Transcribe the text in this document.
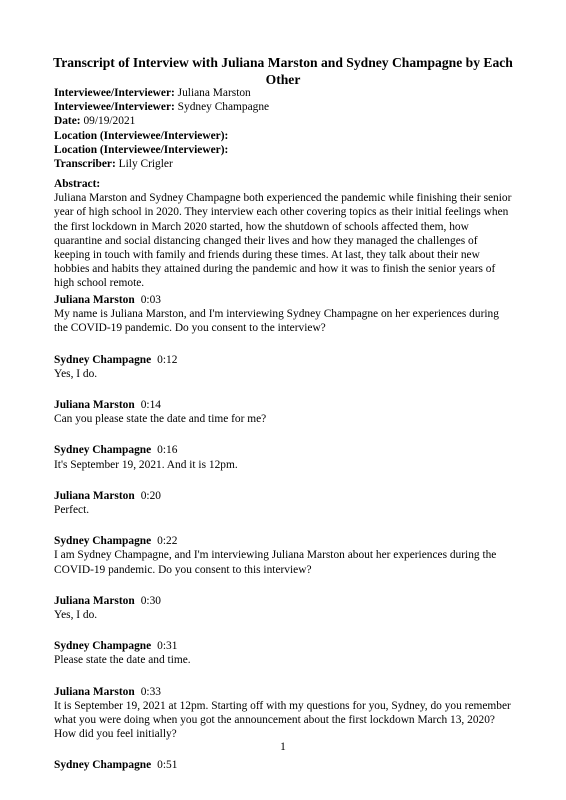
Transcript of Interview with Juliana Marston and Sydney Champagne by Each Other
Interviewee/Interviewer: Juliana Marston
Interviewee/Interviewer: Sydney Champagne
Date: 09/19/2021
Location (Interviewee/Interviewer):
Location (Interviewee/Interviewer):
Transcriber: Lily Crigler
Abstract:
Juliana Marston and Sydney Champagne both experienced the pandemic while finishing their senior year of high school in 2020. They interview each other covering topics as their initial feelings when the first lockdown in March 2020 started, how the shutdown of schools affected them, how quarantine and social distancing changed their lives and how they managed the challenges of keeping in touch with family and friends during these times. At last, they talk about their new hobbies and habits they attained during the pandemic and how it was to finish the senior years of high school remote.
Juliana Marston 0:03
My name is Juliana Marston, and I'm interviewing Sydney Champagne on her experiences during the COVID-19 pandemic. Do you consent to the interview?
Sydney Champagne 0:12
Yes, I do.
Juliana Marston 0:14
Can you please state the date and time for me?
Sydney Champagne 0:16
It's September 19, 2021. And it is 12pm.
Juliana Marston 0:20
Perfect.
Sydney Champagne 0:22
I am Sydney Champagne, and I'm interviewing Juliana Marston about her experiences during the COVID-19 pandemic. Do you consent to this interview?
Juliana Marston 0:30
Yes, I do.
Sydney Champagne 0:31
Please state the date and time.
Juliana Marston 0:33
It is September 19, 2021 at 12pm. Starting off with my questions for you, Sydney, do you remember what you were doing when you got the announcement about the first lockdown March 13, 2020? How did you feel initially?
Sydney Champagne 0:51
1
